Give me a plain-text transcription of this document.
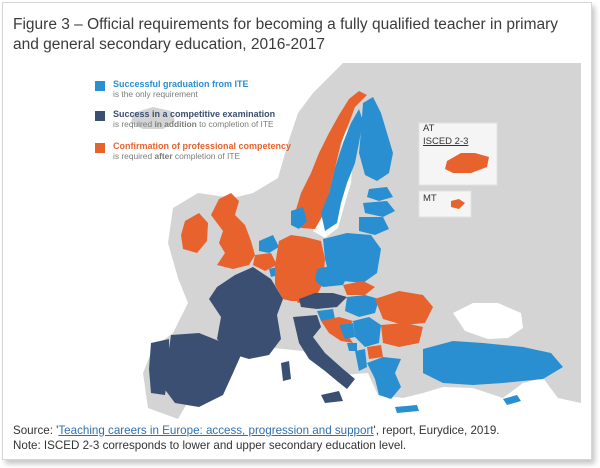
Figure 3 – Official requirements for becoming a fully qualified teacher in primary and general secondary education, 2016-2017
Successful graduation from ITE
is the only requirement
Success in a competitive examination
is required in addition to completion of ITE
Confirmation of professional competency
is required after completion of ITE
AT
ISCED 2-3
MT
Source: 'Teaching careers in Europe: access, progression and support', report, Eurydice, 2019.
Note: ISCED 2-3 corresponds to lower and upper secondary education level.
